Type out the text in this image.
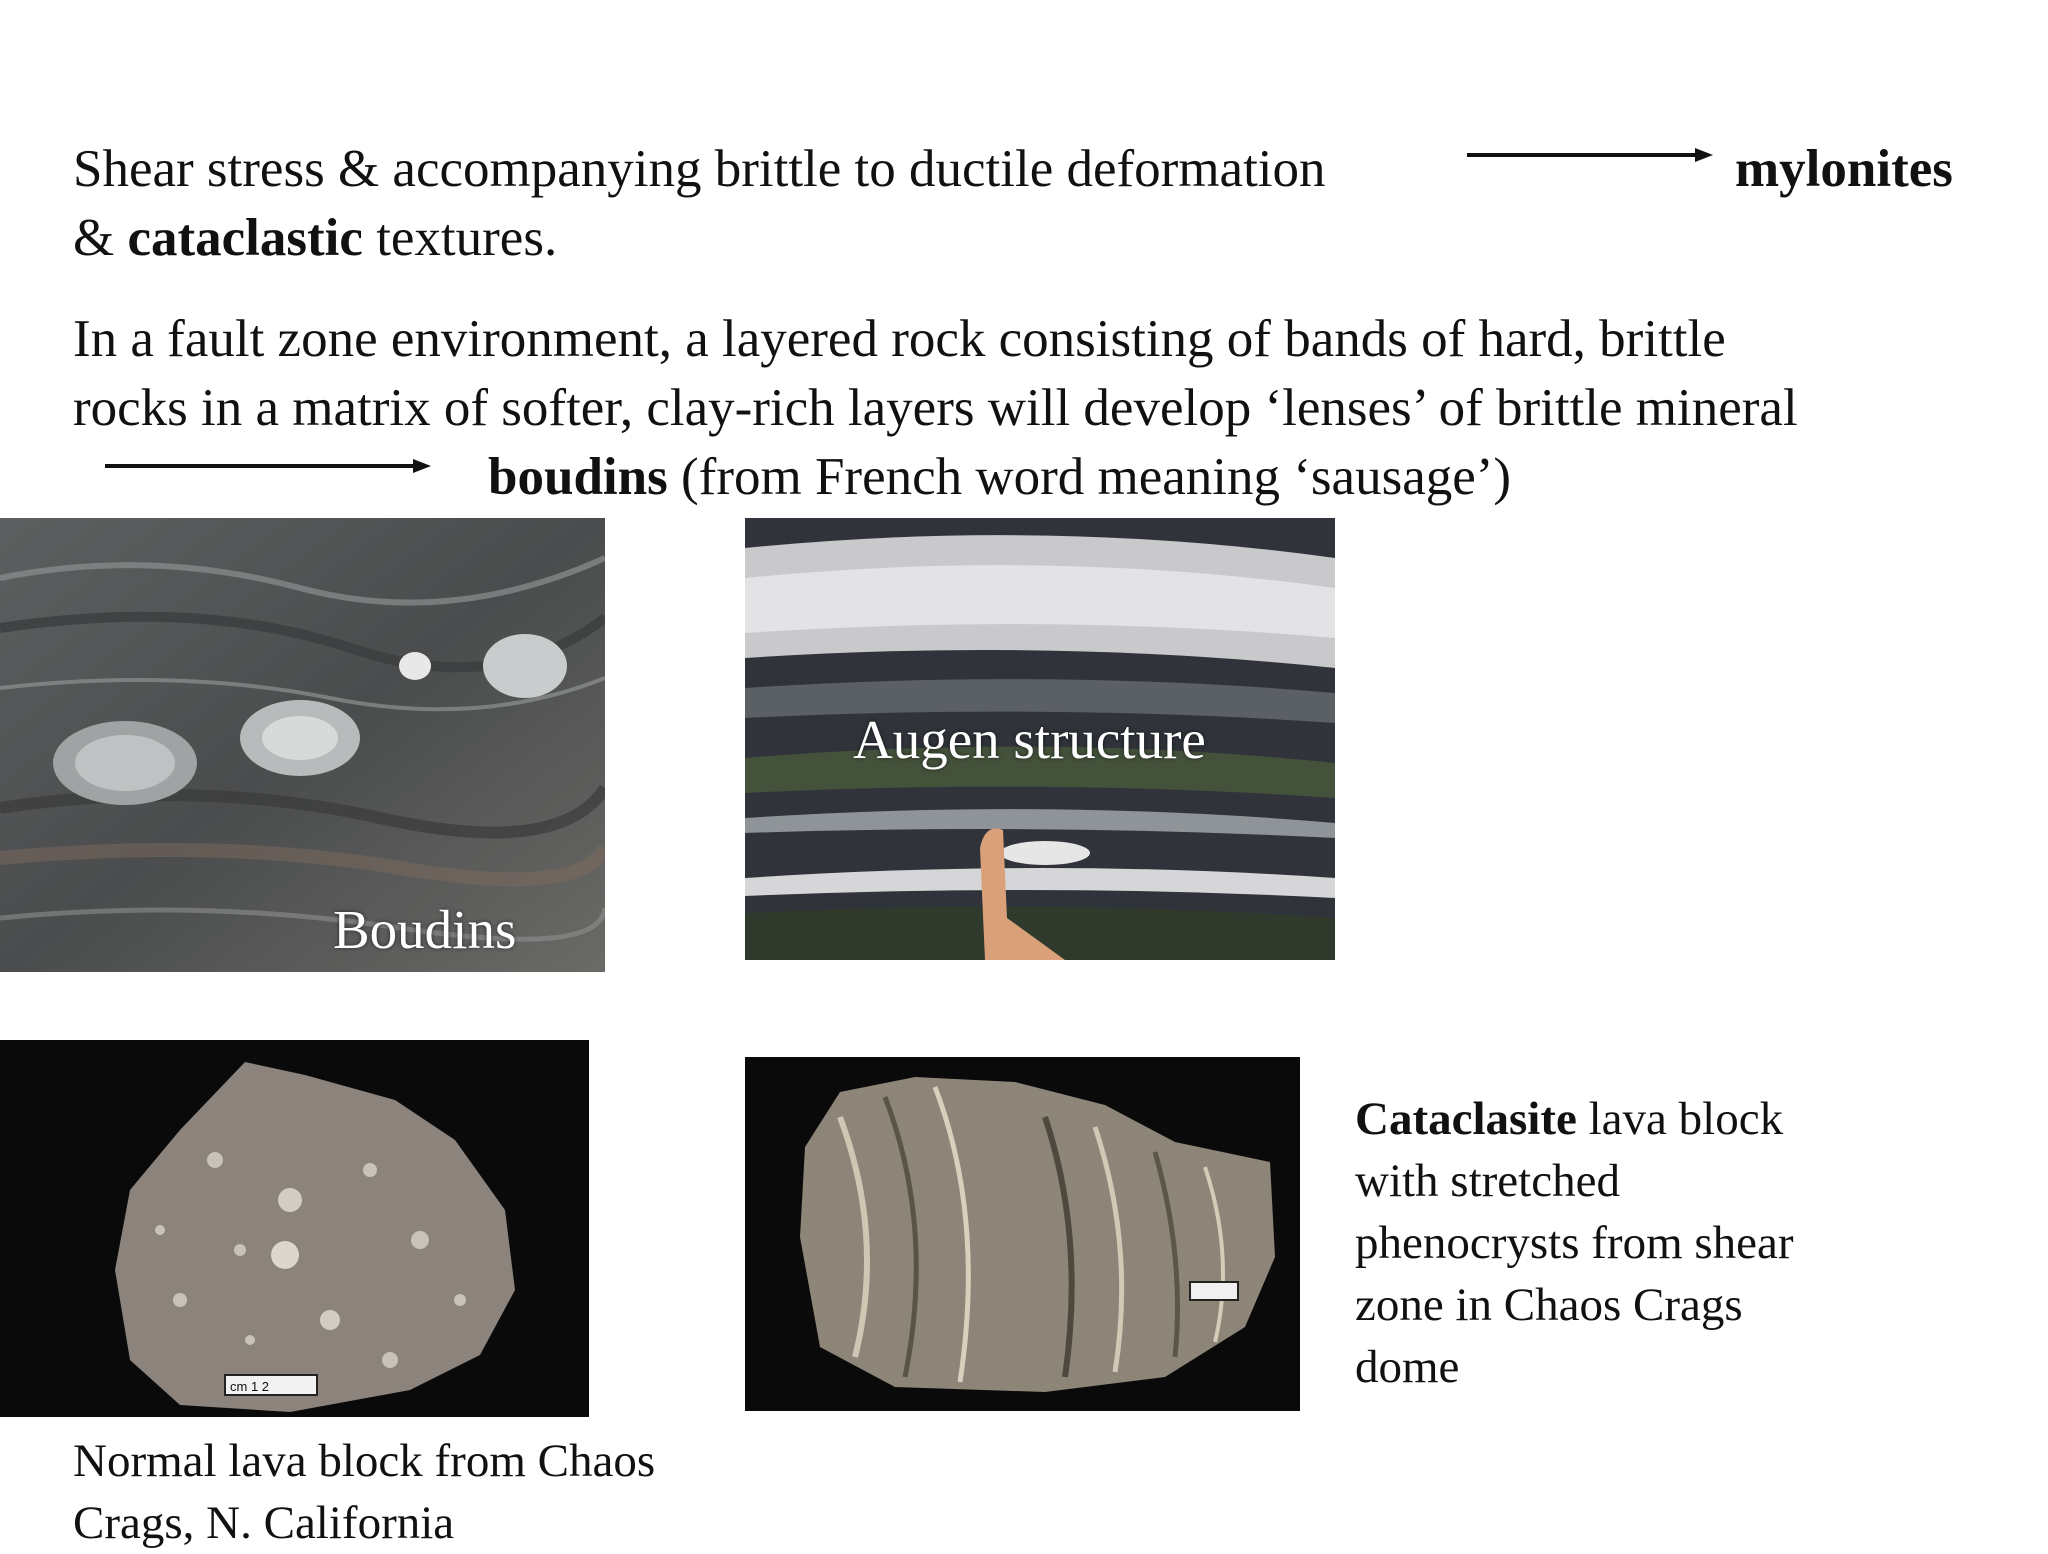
Shear stress & accompanying brittle to ductile deformation	mylonites
& cataclastic textures.
In a fault zone environment, a layered rock consisting of bands of hard, brittle
rocks in a matrix of softer, clay-rich layers will develop ‘lenses’ of brittle mineral
boudins (from French word meaning ‘sausage’)
Boudins
Augen structure
cm 1 2
Normal lava block from Chaos
Crags, N. California
Cataclasite lava block
with stretched
phenocrysts from shear
zone in Chaos Crags
dome
